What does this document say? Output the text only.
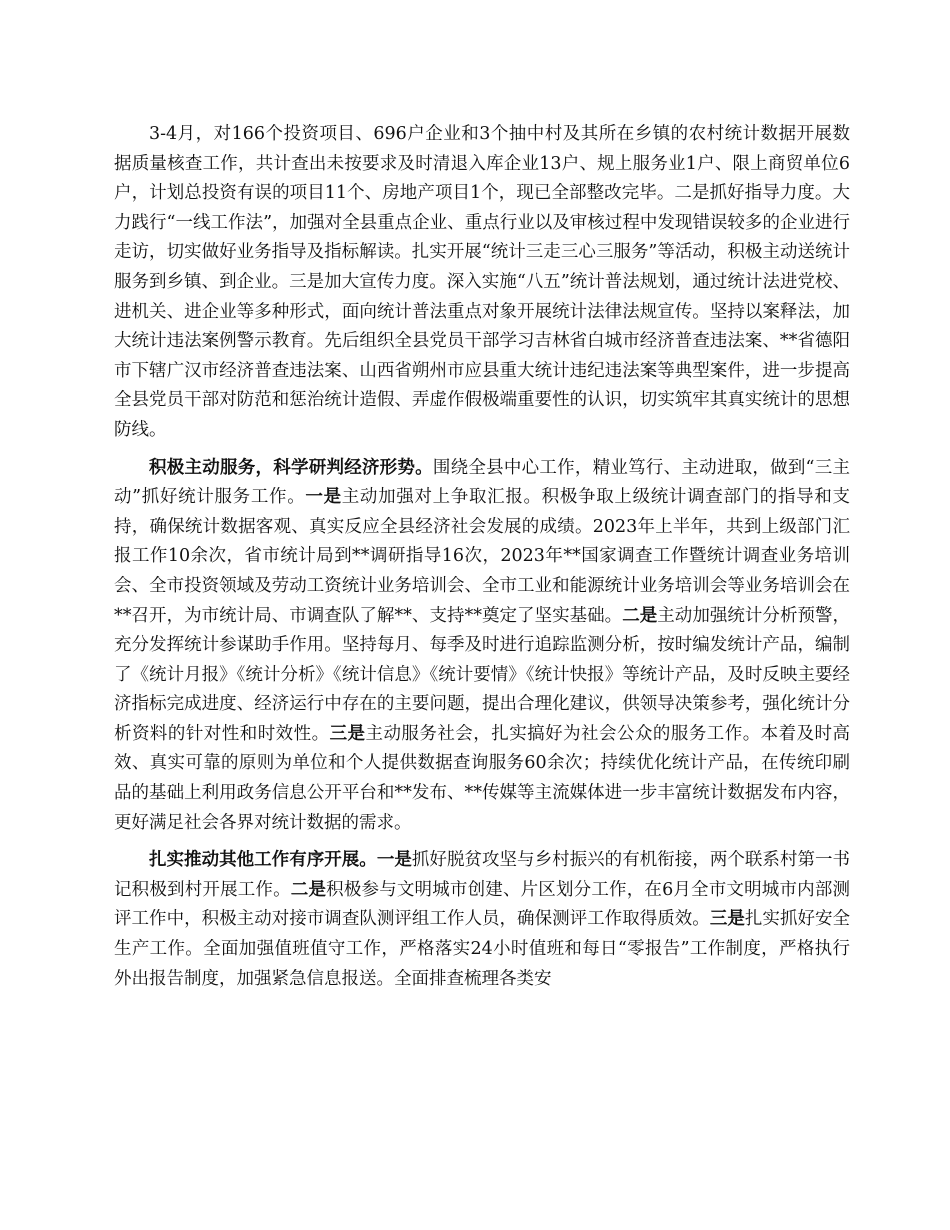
3-4月，对166个投资项目、696户企业和3个抽中村及其所在乡镇的农村统计数据开展数据质量核查工作，共计查出未按要求及时清退入库企业13户、规上服务业1户、限上商贸单位6户，计划总投资有误的项目11个、房地产项目1个，现已全部整改完毕。二是抓好指导力度。大力践行“一线工作法”，加强对全县重点企业、重点行业以及审核过程中发现错误较多的企业进行走访，切实做好业务指导及指标解读。扎实开展“统计三走三心三服务”等活动，积极主动送统计服务到乡镇、到企业。三是加大宣传力度。深入实施“八五”统计普法规划，通过统计法进党校、进机关、进企业等多种形式，面向统计普法重点对象开展统计法律法规宣传。坚持以案释法，加大统计违法案例警示教育。先后组织全县党员干部学习吉林省白城市经济普查违法案、**省德阳市下辖广汉市经济普查违法案、山西省朔州市应县重大统计违纪违法案等典型案件，进一步提高全县党员干部对防范和惩治统计造假、弄虚作假极端重要性的认识，切实筑牢其真实统计的思想防线。

积极主动服务，科学研判经济形势。围绕全县中心工作，精业笃行、主动进取，做到“三主动”抓好统计服务工作。一是主动加强对上争取汇报。积极争取上级统计调查部门的指导和支持，确保统计数据客观、真实反应全县经济社会发展的成绩。2023年上半年，共到上级部门汇报工作10余次，省市统计局到**调研指导16次，2023年**国家调查工作暨统计调查业务培训会、全市投资领域及劳动工资统计业务培训会、全市工业和能源统计业务培训会等业务培训会在**召开，为市统计局、市调查队了解**、支持**奠定了坚实基础。二是主动加强统计分析预警，充分发挥统计参谋助手作用。坚持每月、每季及时进行追踪监测分析，按时编发统计产品，编制了《统计月报》《统计分析》《统计信息》《统计要情》《统计快报》等统计产品，及时反映主要经济指标完成进度、经济运行中存在的主要问题，提出合理化建议，供领导决策参考，强化统计分析资料的针对性和时效性。三是主动服务社会，扎实搞好为社会公众的服务工作。本着及时高效、真实可靠的原则为单位和个人提供数据查询服务60余次；持续优化统计产品，在传统印刷品的基础上利用政务信息公开平台和**发布、**传媒等主流媒体进一步丰富统计数据发布内容，更好满足社会各界对统计数据的需求。

扎实推动其他工作有序开展。一是抓好脱贫攻坚与乡村振兴的有机衔接，两个联系村第一书记积极到村开展工作。二是积极参与文明城市创建、片区划分工作，在6月全市文明城市内部测评工作中，积极主动对接市调查队测评组工作人员，确保测评工作取得质效。三是扎实抓好安全生产工作。全面加强值班值守工作，严格落实24小时值班和每日“零报告”工作制度，严格执行外出报告制度，加强紧急信息报送。全面排查梳理各类安
